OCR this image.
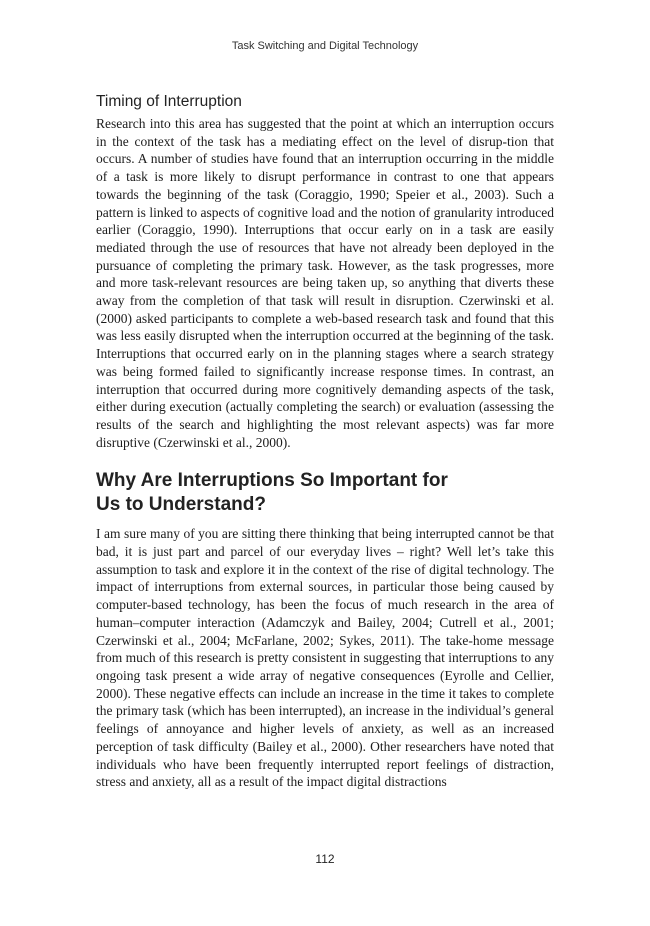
Task Switching and Digital Technology
Timing of Interruption

Research into this area has suggested that the point at which an interruption occurs in the context of the task has a mediating effect on the level of disrup-tion that occurs. A number of studies have found that an interruption occurring in the middle of a task is more likely to disrupt performance in contrast to one that appears towards the beginning of the task (Coraggio, 1990; Speier et al., 2003). Such a pattern is linked to aspects of cognitive load and the notion of granularity introduced earlier (Coraggio, 1990). Interruptions that occur early on in a task are easily mediated through the use of resources that have not already been deployed in the pursuance of completing the primary task. However, as the task progresses, more and more task-relevant resources are being taken up, so anything that diverts these away from the completion of that task will result in disruption. Czerwinski et al. (2000) asked participants to complete a web-based research task and found that this was less easily disrupted when the interruption occurred at the beginning of the task. Interruptions that occurred early on in the planning stages where a search strategy was being formed failed to significantly increase response times. In contrast, an interruption that occurred during more cognitively demanding aspects of the task, either during execution (actually completing the search) or evaluation (assessing the results of the search and highlighting the most relevant aspects) was far more disruptive (Czerwinski et al., 2000).

Why Are Interruptions So Important for Us to Understand?

I am sure many of you are sitting there thinking that being interrupted cannot be that bad, it is just part and parcel of our everyday lives – right? Well let’s take this assumption to task and explore it in the context of the rise of digital technology. The impact of interruptions from external sources, in particular those being caused by computer-based technology, has been the focus of much research in the area of human–computer interaction (Adamczyk and Bailey, 2004; Cutrell et al., 2001; Czerwinski et al., 2004; McFarlane, 2002; Sykes, 2011). The take-home message from much of this research is pretty consistent in suggesting that interruptions to any ongoing task present a wide array of negative consequences (Eyrolle and Cellier, 2000). These negative effects can include an increase in the time it takes to complete the primary task (which has been interrupted), an increase in the individual’s general feelings of annoyance and higher levels of anxiety, as well as an increased perception of task difficulty (Bailey et al., 2000). Other researchers have noted that individuals who have been frequently interrupted report feelings of distraction, stress and anxiety, all as a result of the impact digital distractions

112
